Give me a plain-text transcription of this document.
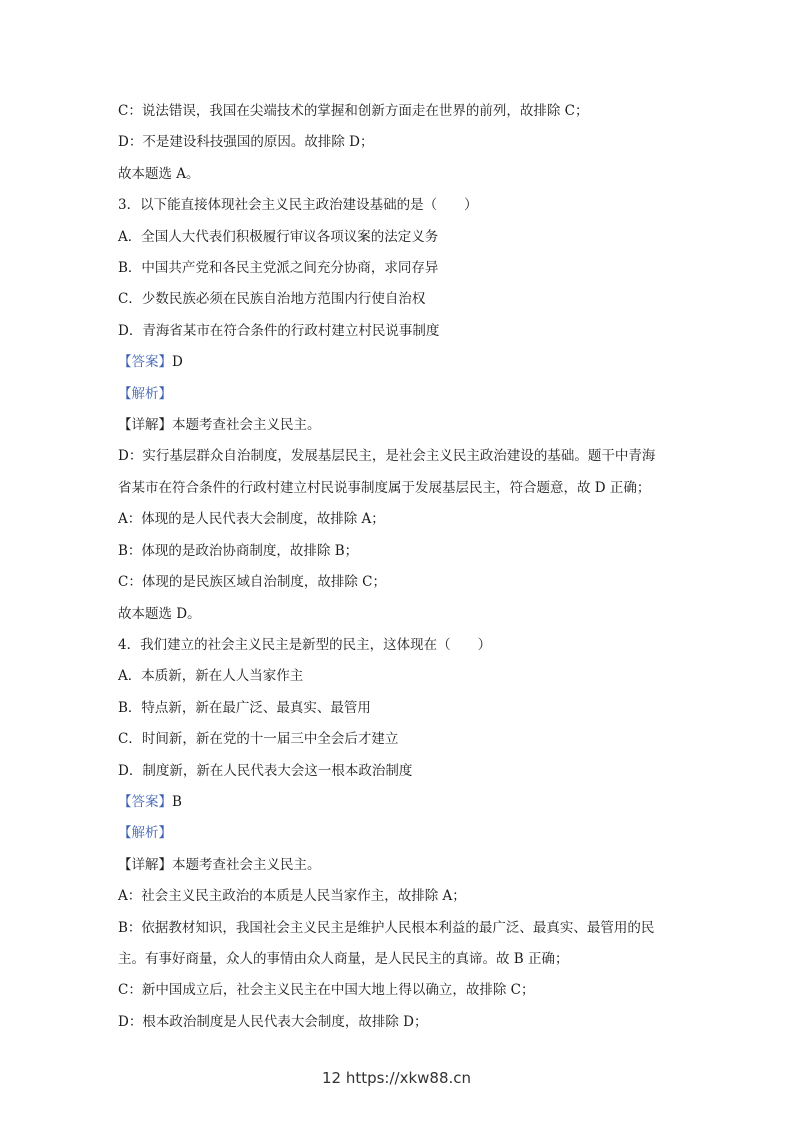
C：说法错误，我国在尖端技术的掌握和创新方面走在世界的前列，故排除 C；
D：不是建设科技强国的原因。故排除 D；
故本题选 A。
3．以下能直接体现社会主义民主政治建设基础的是（　　）
A．全国人大代表们积极履行审议各项议案的法定义务
B．中国共产党和各民主党派之间充分协商，求同存异
C．少数民族必须在民族自治地方范围内行使自治权
D．青海省某市在符合条件的行政村建立村民说事制度
【答案】D
【解析】
【详解】本题考查社会主义民主。
D：实行基层群众自治制度，发展基层民主，是社会主义民主政治建设的基础。题干中青海
省某市在符合条件的行政村建立村民说事制度属于发展基层民主，符合题意，故 D 正确；
A：体现的是人民代表大会制度，故排除 A；
B：体现的是政治协商制度，故排除 B；
C：体现的是民族区域自治制度，故排除 C；
故本题选 D。
4．我们建立的社会主义民主是新型的民主，这体现在（　　）
A．本质新，新在人人当家作主
B．特点新，新在最广泛、最真实、最管用
C．时间新，新在党的十一届三中全会后才建立
D．制度新，新在人民代表大会这一根本政治制度
【答案】B
【解析】
【详解】本题考查社会主义民主。
A：社会主义民主政治的本质是人民当家作主，故排除 A；
B：依据教材知识，我国社会主义民主是维护人民根本利益的最广泛、最真实、最管用的民
主。有事好商量，众人的事情由众人商量，是人民民主的真谛。故 B 正确；
C：新中国成立后，社会主义民主在中国大地上得以确立，故排除 C；
D：根本政治制度是人民代表大会制度，故排除 D；
12 https://xkw88.cn
